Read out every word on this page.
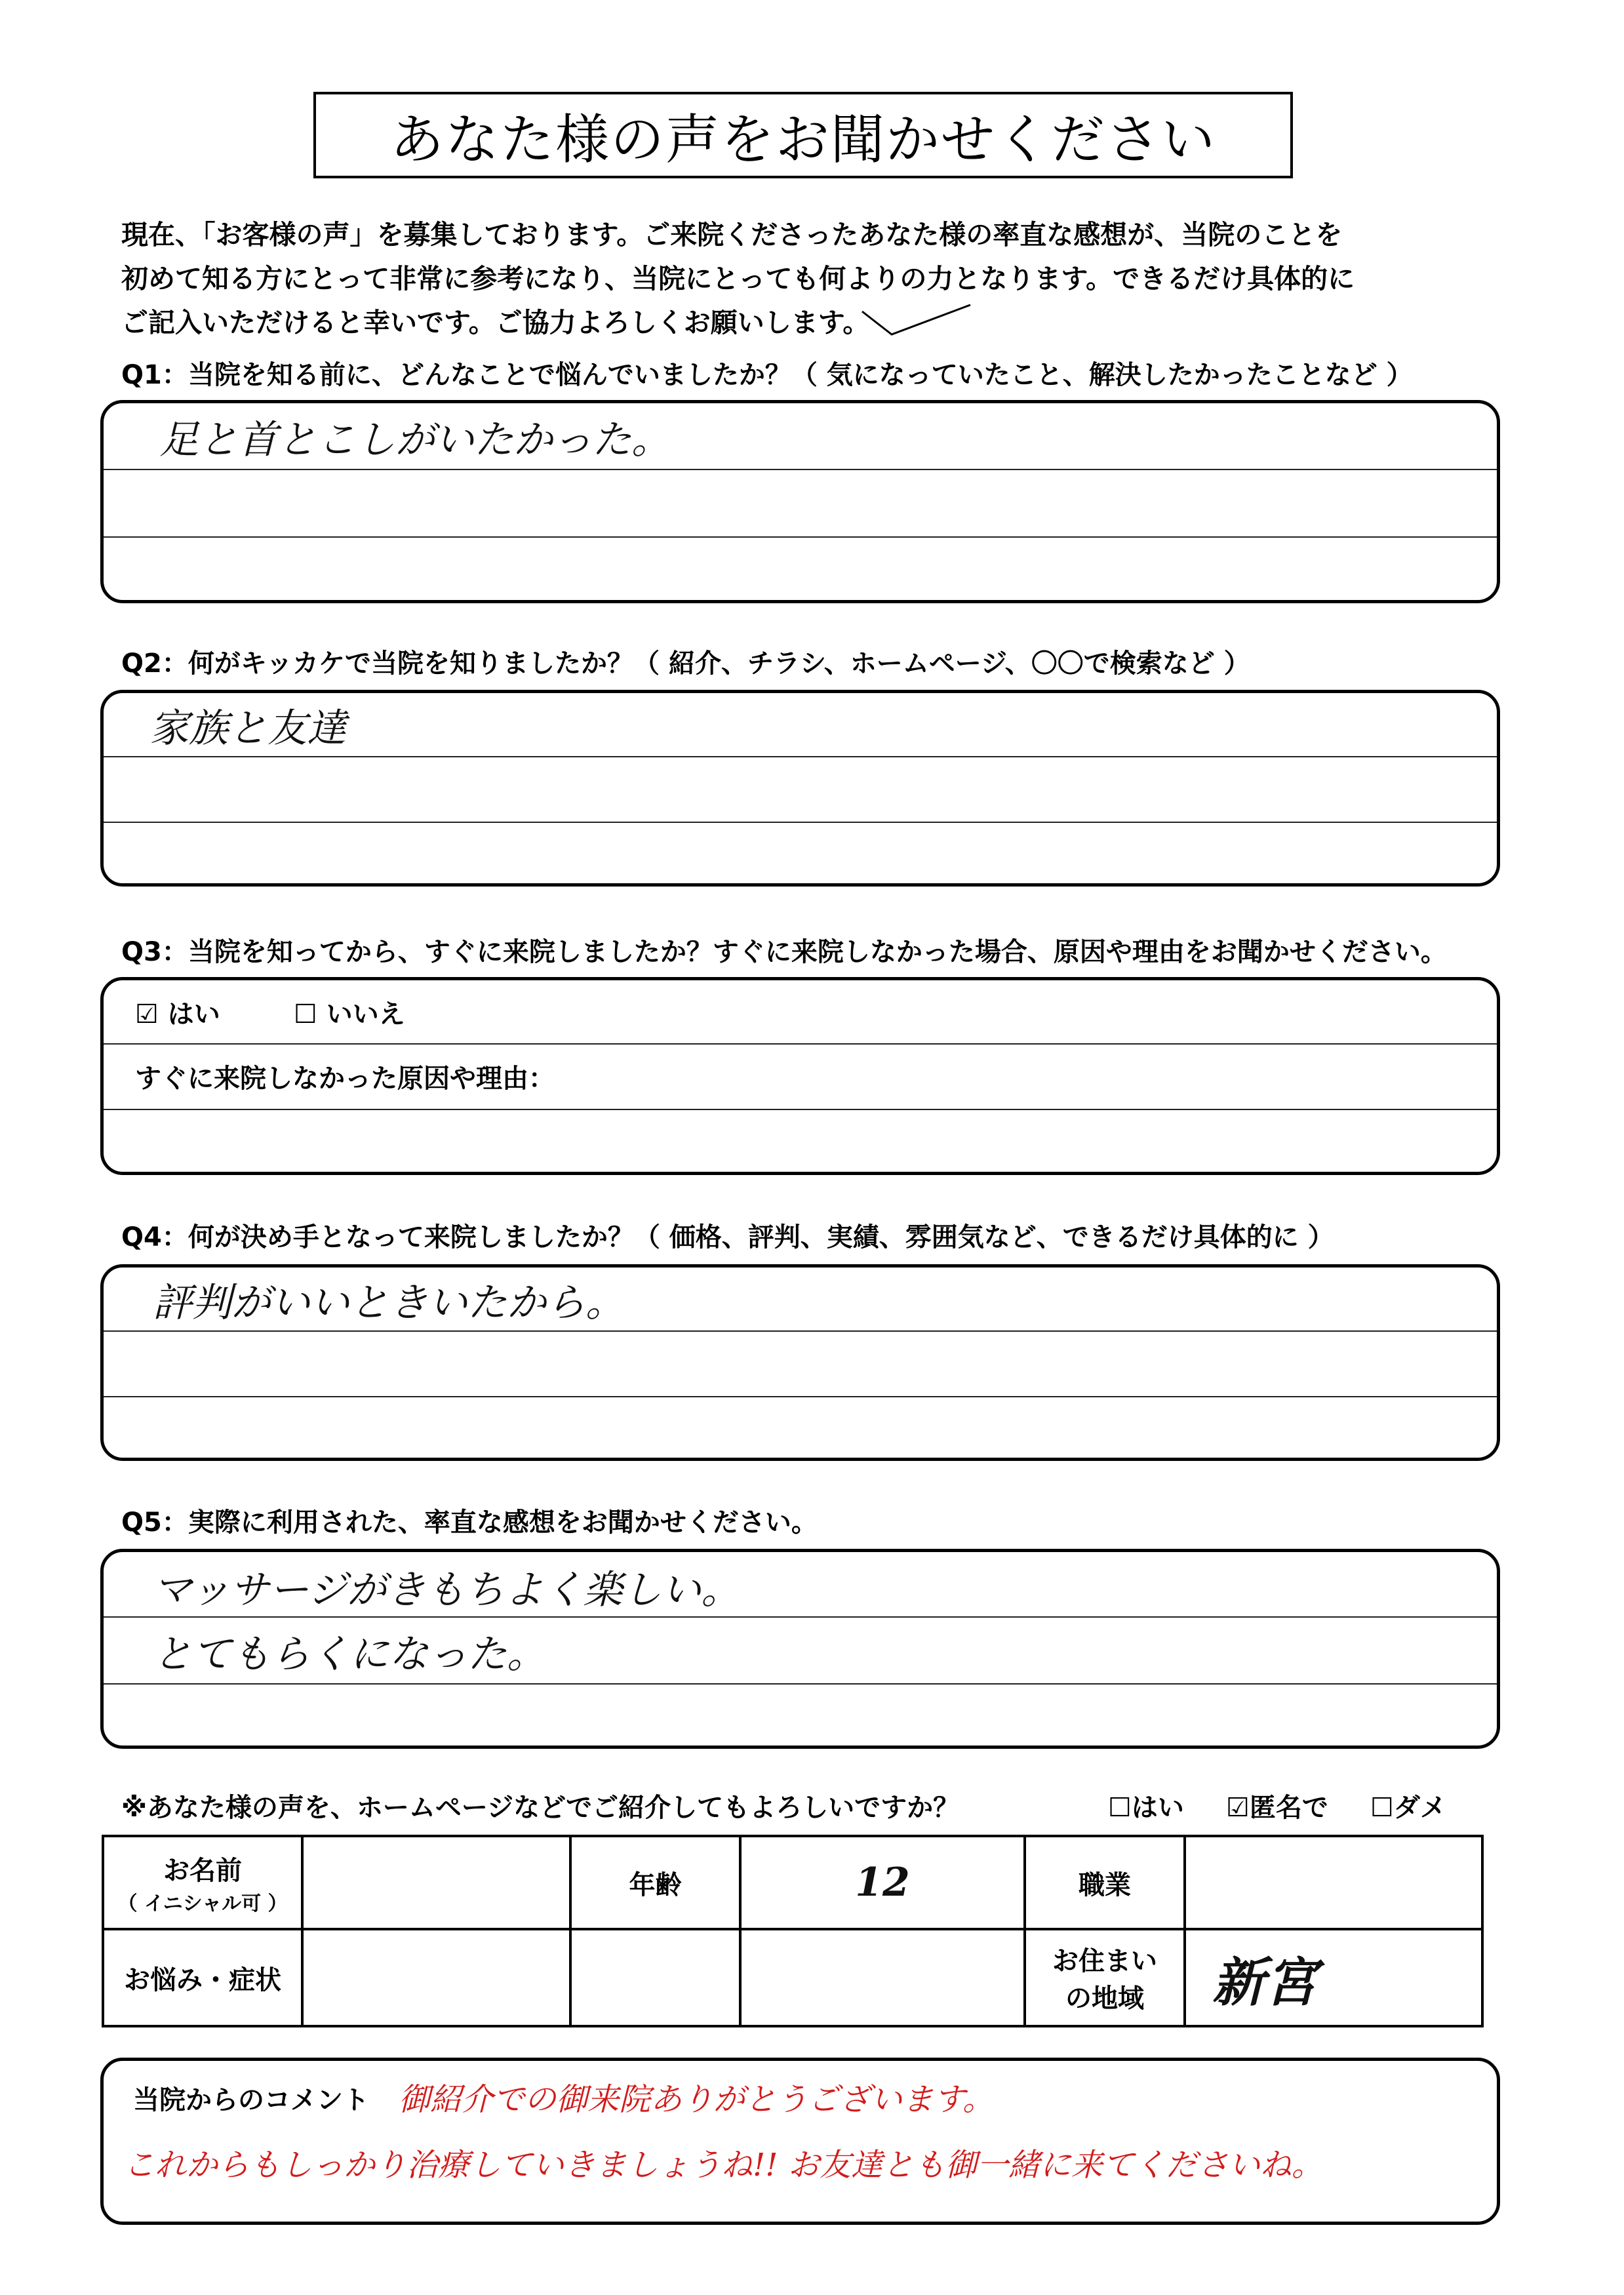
あなた様の声をお聞かせください
現在、「お客様の声」を募集しております。ご来院くださったあなた様の率直な感想が、当院のことを
初めて知る方にとって非常に参考になり、当院にとっても何よりの力となります。できるだけ具体的に
ご記入いただけると幸いです。ご協力よろしくお願いします。
Q1：当院を知る前に、どんなことで悩んでいましたか？（ 気になっていたこと、解決したかったことなど ）
足と首とこしがいたかった。
Q2：何がキッカケで当院を知りましたか？（ 紹介、チラシ、ホームページ、〇〇で検索など ）
家族と友達
Q3：当院を知ってから、すぐに来院しましたか？すぐに来院しなかった場合、原因や理由をお聞かせください。
☑ はい	☐ いいえ
すぐに来院しなかった原因や理由：
Q4：何が決め手となって来院しましたか？（ 価格、評判、実績、雰囲気など、できるだけ具体的に ）
評判がいいときいたから。
Q5：実際に利用された、率直な感想をお聞かせください。
マッサージがきもちよく楽しい。
とてもらくになった。
※あなた様の声を、ホームページなどでご紹介してもよろしいですか？	☐はい ☑匿名で ☐ダメ
お名前
（ イニシャル可 ）		年齢	12	職業	
お悩み・症状				お住まい
の地域	新宮
当院からのコメント 御紹介での御来院ありがとうございます。
これからもしっかり治療していきましょうね!! お友達とも御一緒に来てくださいね。
